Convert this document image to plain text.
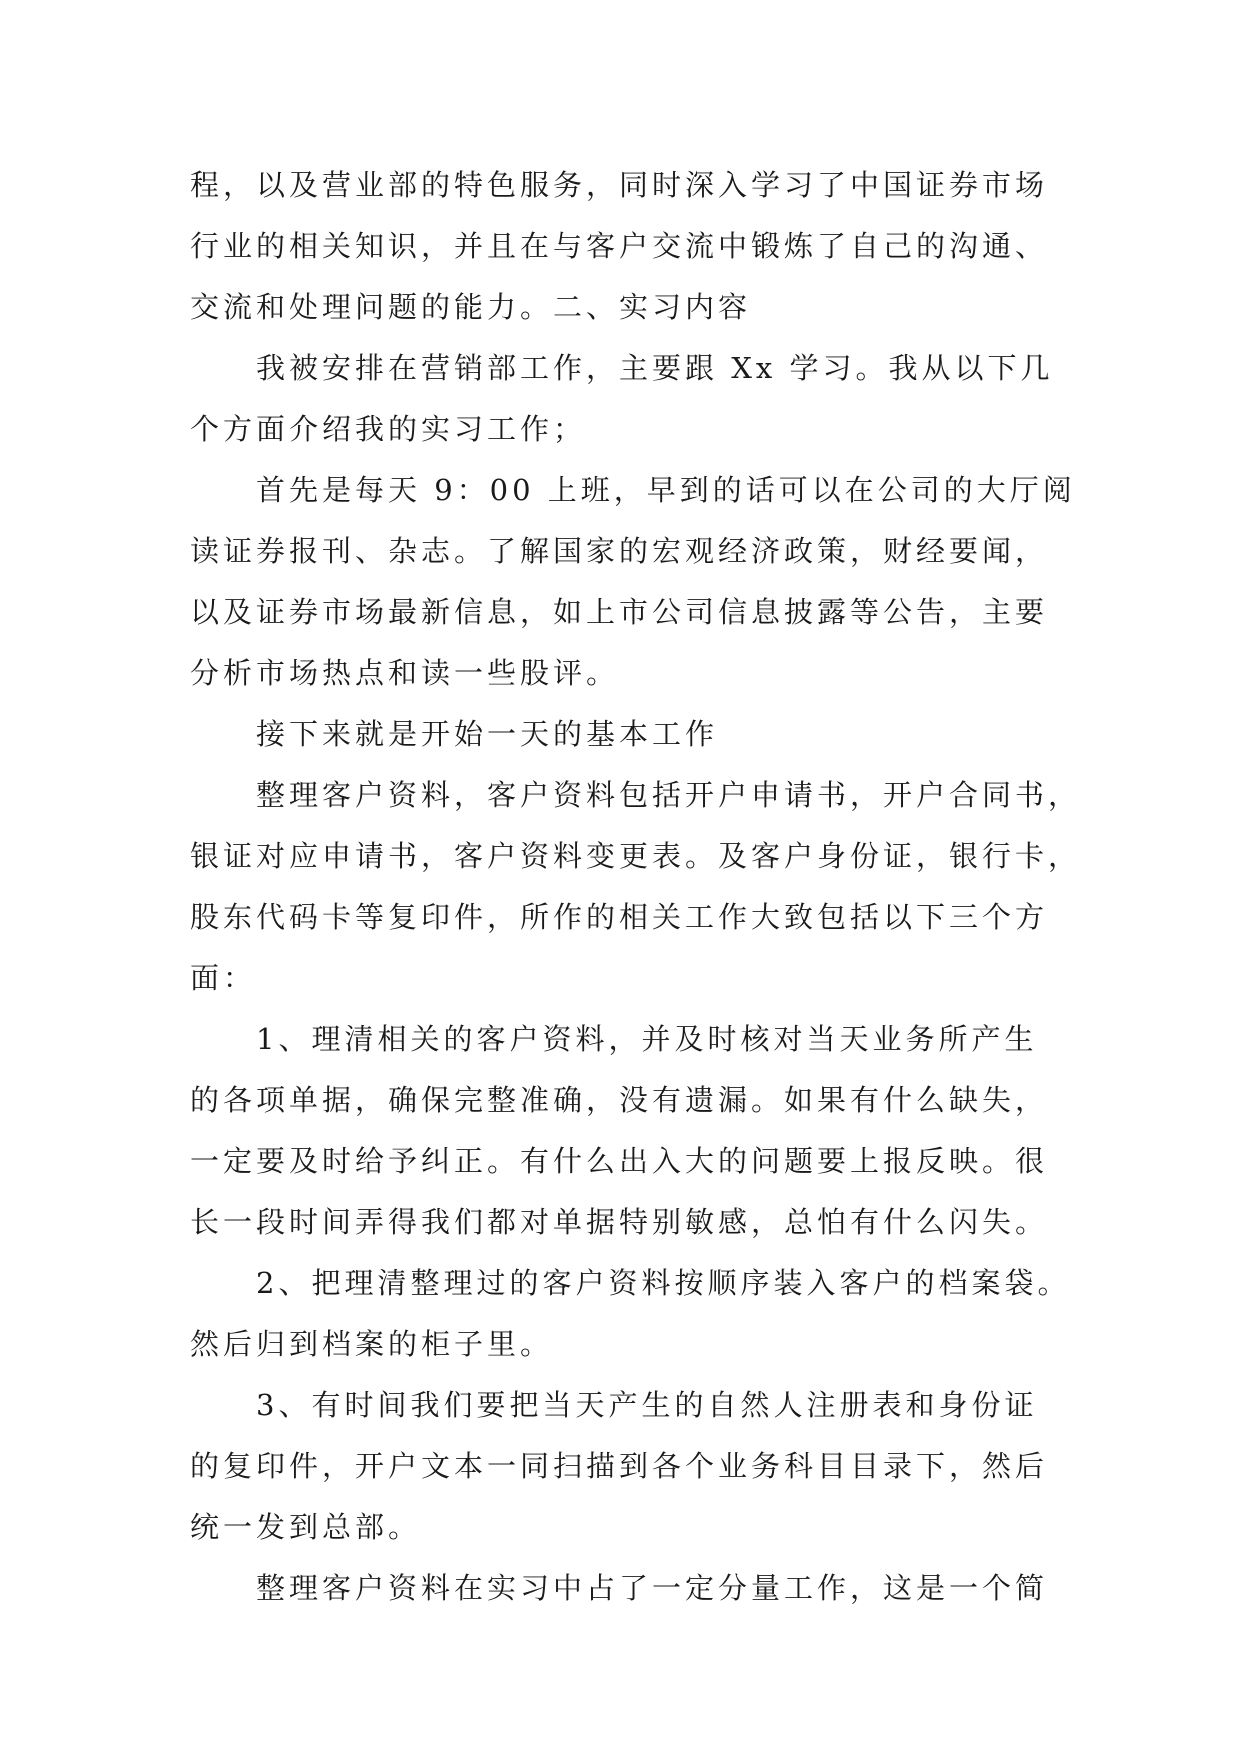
程，以及营业部的特色服务，同时深入学习了中国证券市场
行业的相关知识，并且在与客户交流中锻炼了自己的沟通、
交流和处理问题的能力。二、实习内容
我被安排在营销部工作，主要跟 Xx 学习。我从以下几
个方面介绍我的实习工作；
首先是每天 9：00 上班，早到的话可以在公司的大厅阅
读证券报刊、杂志。了解国家的宏观经济政策，财经要闻，
以及证券市场最新信息，如上市公司信息披露等公告，主要
分析市场热点和读一些股评。
接下来就是开始一天的基本工作
整理客户资料，客户资料包括开户申请书，开户合同书，
银证对应申请书，客户资料变更表。及客户身份证，银行卡，
股东代码卡等复印件，所作的相关工作大致包括以下三个方
面：
1、理清相关的客户资料，并及时核对当天业务所产生
的各项单据，确保完整准确，没有遗漏。如果有什么缺失，
一定要及时给予纠正。有什么出入大的问题要上报反映。很
长一段时间弄得我们都对单据特别敏感，总怕有什么闪失。
2、把理清整理过的客户资料按顺序装入客户的档案袋。
然后归到档案的柜子里。
3、有时间我们要把当天产生的自然人注册表和身份证
的复印件，开户文本一同扫描到各个业务科目目录下，然后
统一发到总部。
整理客户资料在实习中占了一定分量工作，这是一个简
